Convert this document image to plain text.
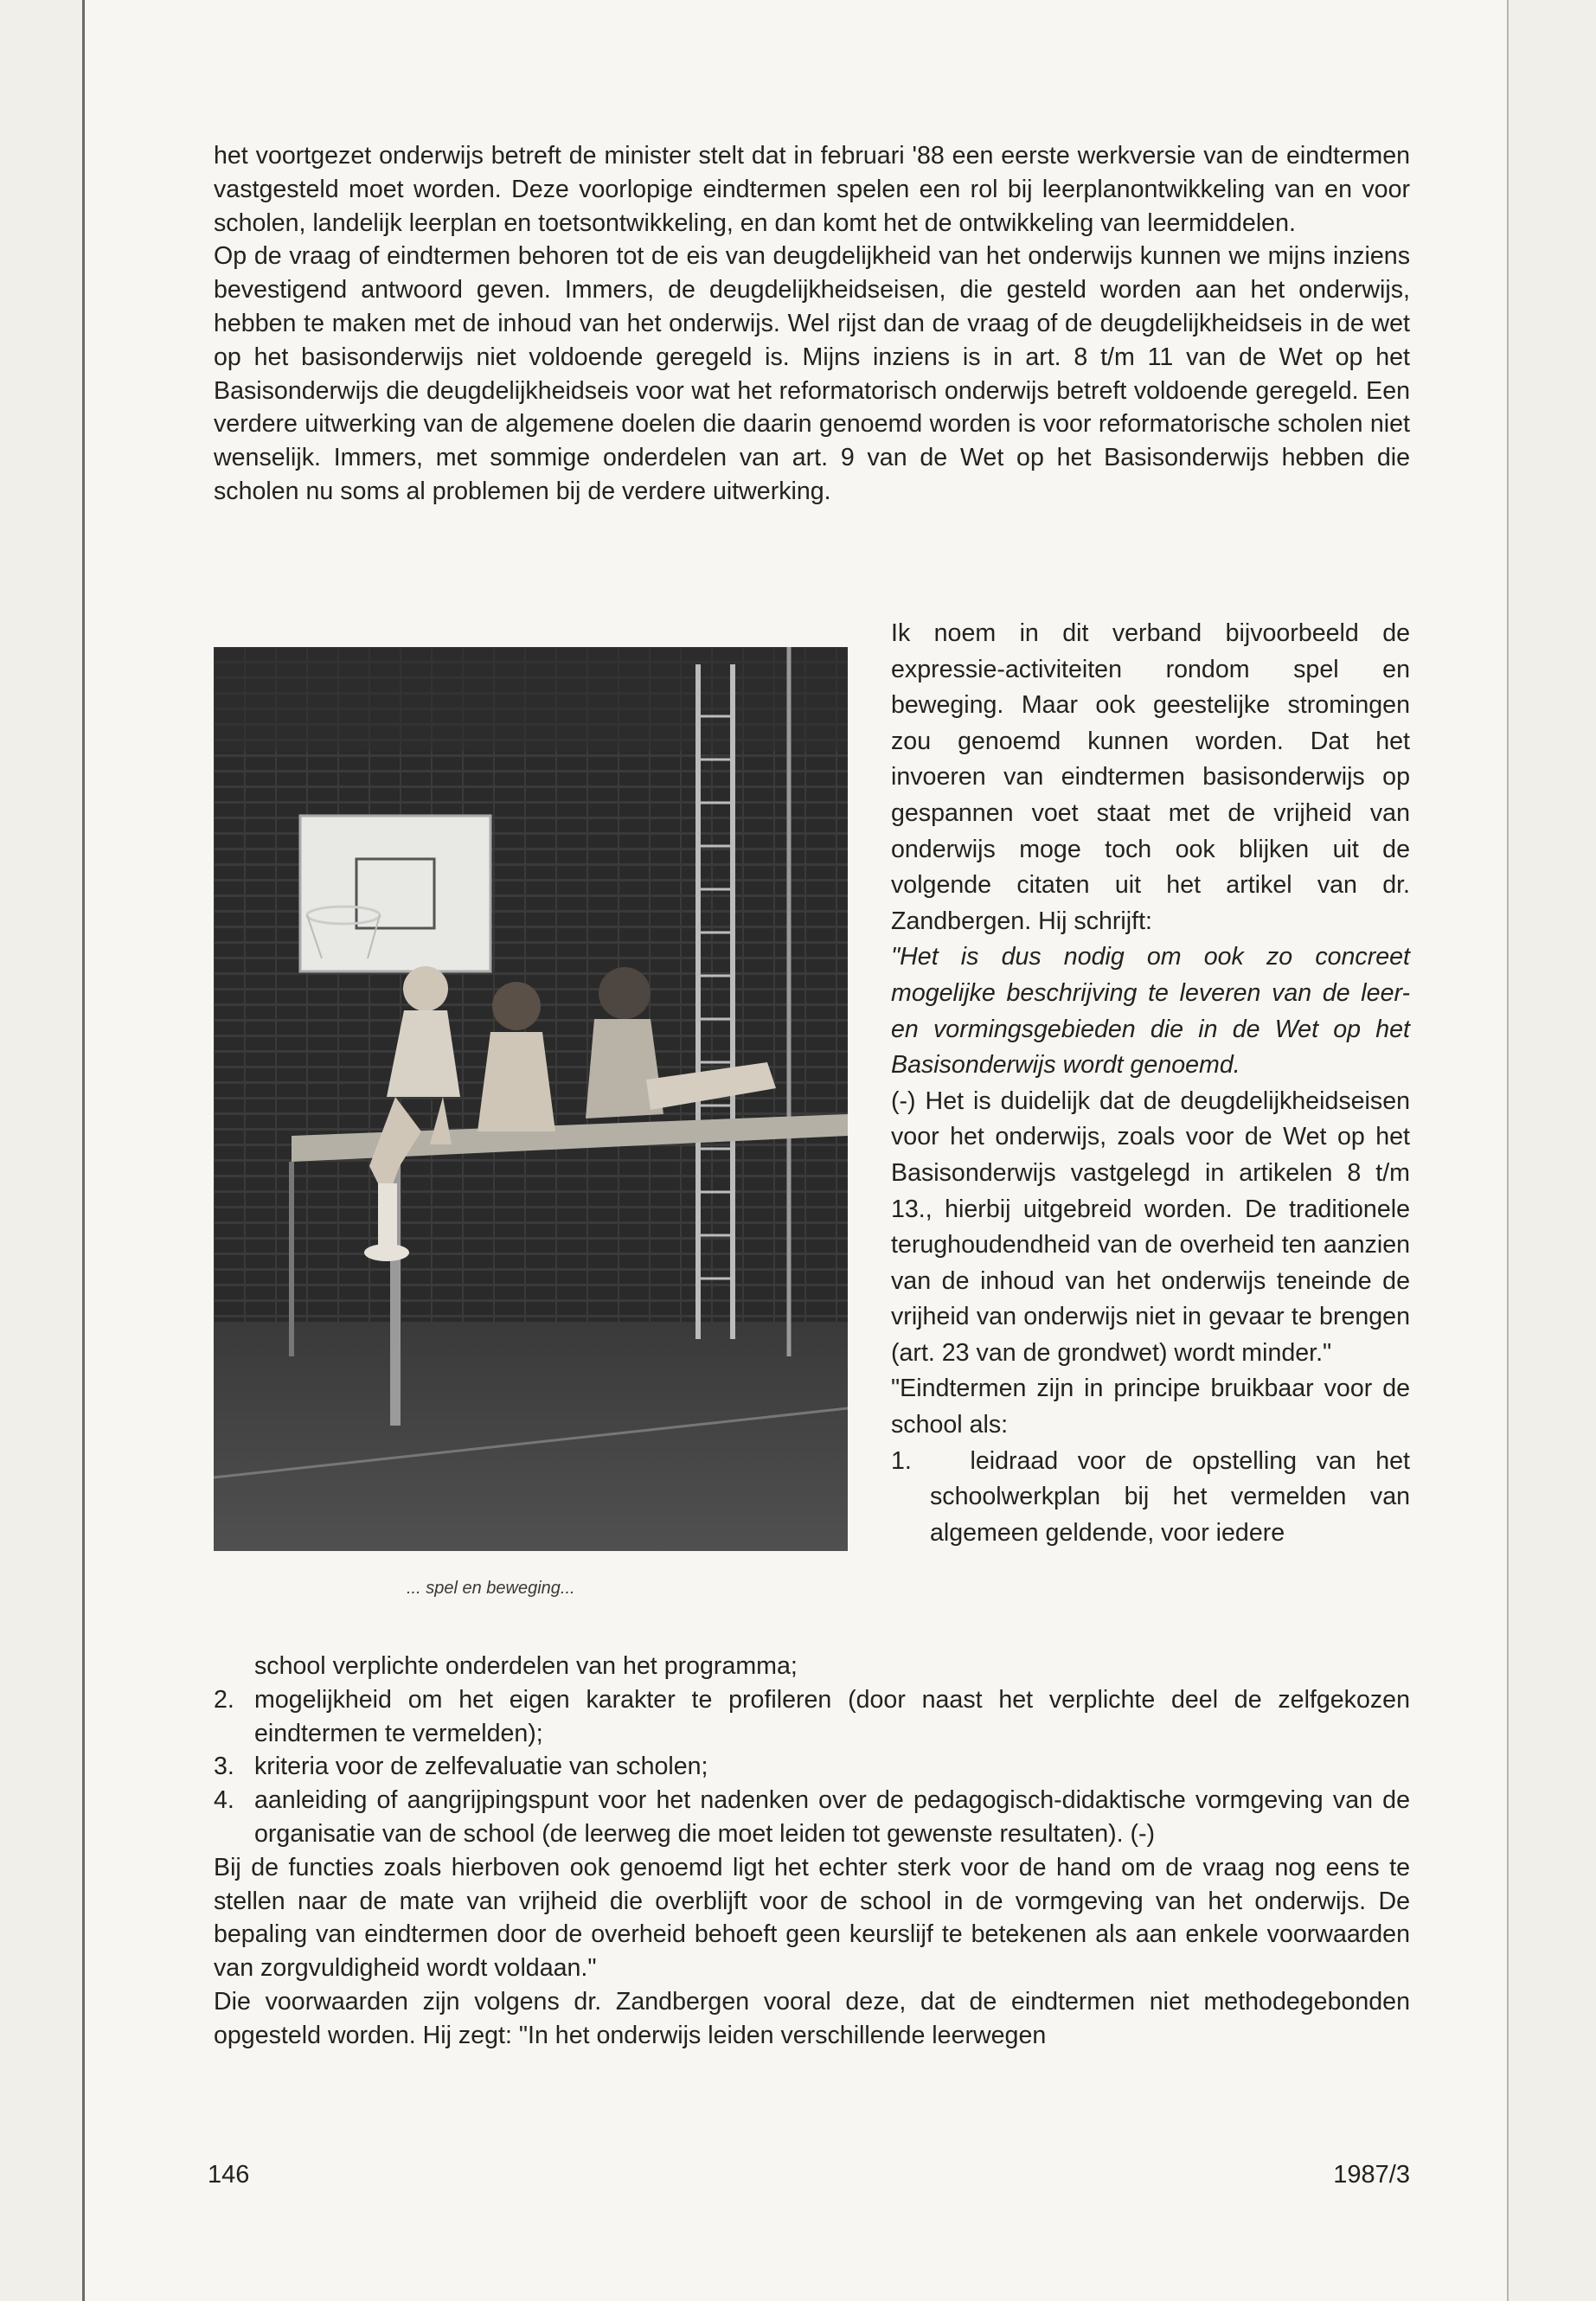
het voortgezet onderwijs betreft de minister stelt dat in februari '88 een eerste werkversie van de eindtermen vastgesteld moet worden. Deze voorlopige eindtermen spelen een rol bij leerplanontwikkeling van en voor scholen, landelijk leerplan en toetsontwikkeling, en dan komt het de ontwikkeling van leermiddelen.

Op de vraag of eindtermen behoren tot de eis van deugdelijkheid van het onderwijs kunnen we mijns inziens bevestigend antwoord geven. Immers, de deugdelijkheidseisen, die gesteld worden aan het onderwijs, hebben te maken met de inhoud van het onderwijs. Wel rijst dan de vraag of de deugdelijkheidseis in de wet op het basisonderwijs niet voldoende geregeld is. Mijns inziens is in art. 8 t/m 11 van de Wet op het Basisonderwijs die deugdelijkheidseis voor wat het reformatorisch onderwijs betreft voldoende geregeld. Een verdere uitwerking van de algemene doelen die daarin genoemd worden is voor reformatorische scholen niet wenselijk. Immers, met sommige onderdelen van art. 9 van de Wet op het Basisonderwijs hebben die scholen nu soms al problemen bij de verdere uitwerking.

... spel en beweging...

Ik noem in dit verband bijvoorbeeld de expressie-activiteiten rondom spel en beweging. Maar ook geestelijke stromingen zou genoemd kunnen worden. Dat het invoeren van eindtermen basisonderwijs op gespannen voet staat met de vrijheid van onderwijs moge toch ook blijken uit de volgende citaten uit het artikel van dr. Zandbergen. Hij schrijft:

"Het is dus nodig om ook zo concreet mogelijke beschrijving te leveren van de leer- en vormingsgebieden die in de Wet op het Basisonderwijs wordt genoemd.

(-) Het is duidelijk dat de deugdelijkheidseisen voor het onderwijs, zoals voor de Wet op het Basisonderwijs vastgelegd in artikelen 8 t/m 13., hierbij uitgebreid worden. De traditionele terughoudendheid van de overheid ten aanzien van de inhoud van het onderwijs teneinde de vrijheid van onderwijs niet in gevaar te brengen (art. 23 van de grondwet) wordt minder."

"Eindtermen zijn in principe bruikbaar voor de school als:

1. leidraad voor de opstelling van het schoolwerkplan bij het vermelden van algemeen geldende, voor iedere

school verplichte onderdelen van het programma;

2. mogelijkheid om het eigen karakter te profileren (door naast het verplichte deel de zelfgekozen eindtermen te vermelden);

3. kriteria voor de zelfevaluatie van scholen;

4. aanleiding of aangrijpingspunt voor het nadenken over de pedagogisch-didaktische vormgeving van de organisatie van de school (de leerweg die moet leiden tot gewenste resultaten). (-)

Bij de functies zoals hierboven ook genoemd ligt het echter sterk voor de hand om de vraag nog eens te stellen naar de mate van vrijheid die overblijft voor de school in de vormgeving van het onderwijs. De bepaling van eindtermen door de overheid behoeft geen keurslijf te betekenen als aan enkele voorwaarden van zorgvuldigheid wordt voldaan."

Die voorwaarden zijn volgens dr. Zandbergen vooral deze, dat de eindtermen niet methodegebonden opgesteld worden. Hij zegt: "In het onderwijs leiden verschillende leerwegen

146	1987/3
